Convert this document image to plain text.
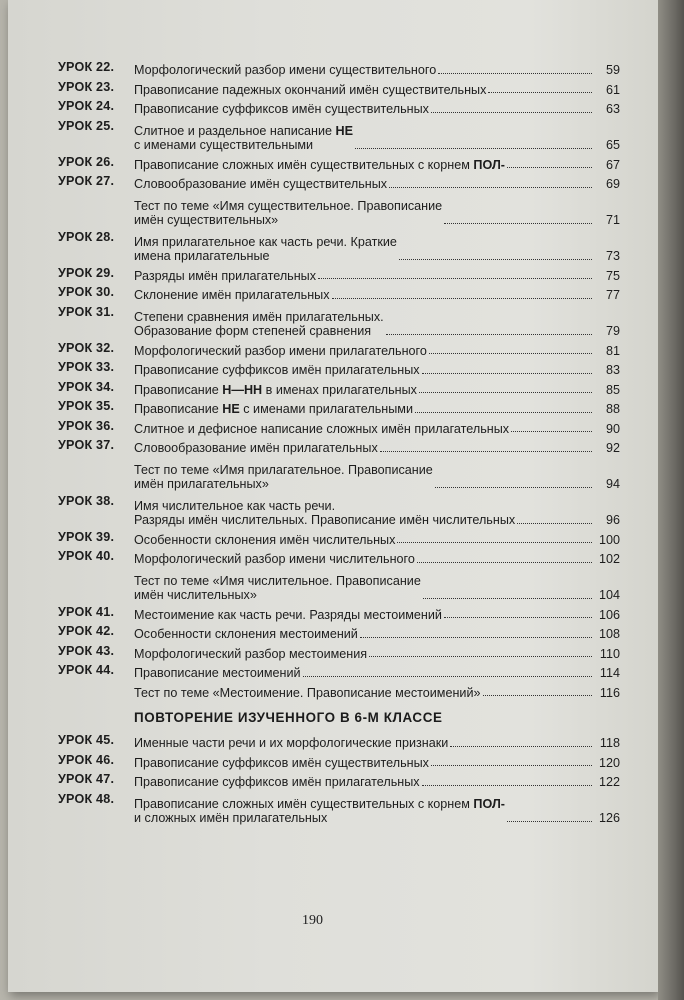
УРОК 22.	Морфологический разбор имени существительного	59
УРОК 23.	Правописание падежных окончаний имён существительных	61
УРОК 24.	Правописание суффиксов имён существительных	63
УРОК 25.	Слитное и раздельное написание НЕ
с именами существительными	65
УРОК 26.	Правописание сложных имён существительных с корнем ПОЛ-	67
УРОК 27.	Словообразование имён существительных	69
Тест по теме «Имя существительное. Правописание
имён существительных»	71
УРОК 28.	Имя прилагательное как часть речи. Краткие
имена прилагательные	73
УРОК 29.	Разряды имён прилагательных	75
УРОК 30.	Склонение имён прилагательных	77
УРОК 31.	Степени сравнения имён прилагательных.
Образование форм степеней сравнения	79
УРОК 32.	Морфологический разбор имени прилагательного	81
УРОК 33.	Правописание суффиксов имён прилагательных	83
УРОК 34.	Правописание Н—НН в именах прилагательных	85
УРОК 35.	Правописание НЕ с именами прилагательными	88
УРОК 36.	Слитное и дефисное написание сложных имён прилагательных	90
УРОК 37.	Словообразование имён прилагательных	92
Тест по теме «Имя прилагательное. Правописание
имён прилагательных»	94
УРОК 38.	Имя числительное как часть речи.
Разряды имён числительных. Правописание имён числительных	96
УРОК 39.	Особенности склонения имён числительных	100
УРОК 40.	Морфологический разбор имени числительного	102
Тест по теме «Имя числительное. Правописание
имён числительных»	104
УРОК 41.	Местоимение как часть речи. Разряды местоимений	106
УРОК 42.	Особенности склонения местоимений	108
УРОК 43.	Морфологический разбор местоимения	110
УРОК 44.	Правописание местоимений	114
Тест по теме «Местоимение. Правописание местоимений»	116
ПОВТОРЕНИЕ ИЗУЧЕННОГО В 6-М КЛАССЕ
УРОК 45.	Именные части речи и их морфологические признаки	118
УРОК 46.	Правописание суффиксов имён существительных	120
УРОК 47.	Правописание суффиксов имён прилагательных	122
УРОК 48.	Правописание сложных имён существительных с корнем ПОЛ-
и сложных имён прилагательных	126
190
